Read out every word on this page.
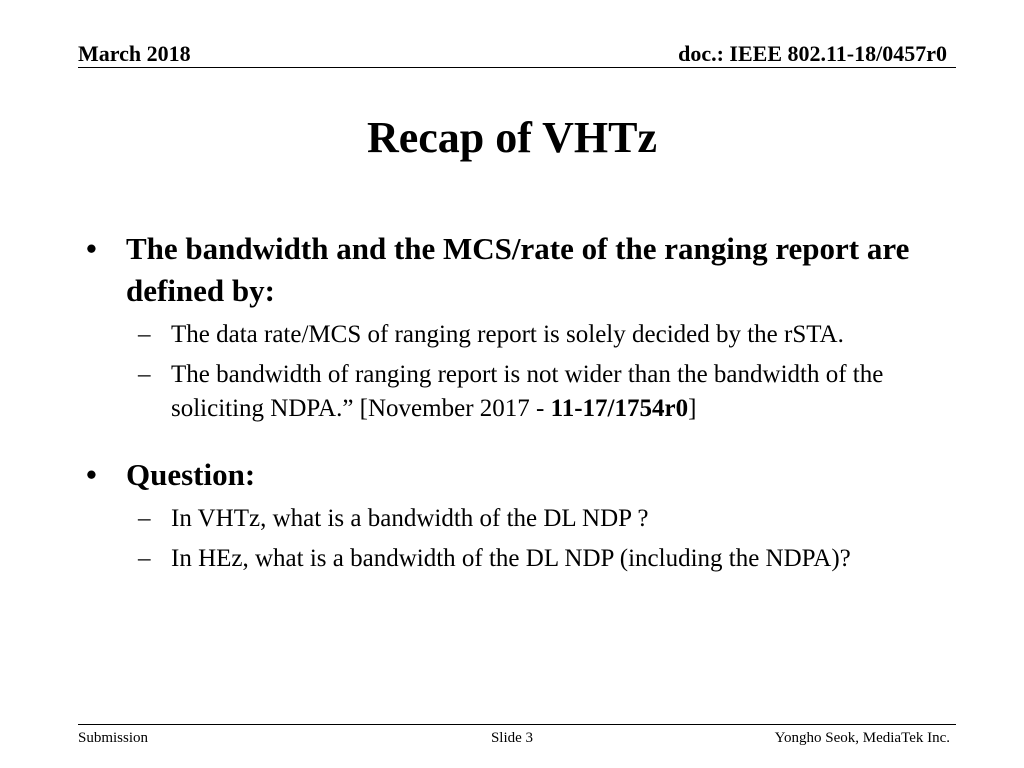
March 2018	doc.: IEEE 802.11-18/0457r0
Recap of VHTz
• The bandwidth and the MCS/rate of the ranging report are defined by:
– The data rate/MCS of ranging report is solely decided by the rSTA.
– The bandwidth of ranging report is not wider than the bandwidth of the soliciting NDPA.” [November 2017 - 11-17/1754r0]
• Question:
– In VHTz, what is a bandwidth of the DL NDP ?
– In HEz, what is a bandwidth of the DL NDP (including the NDPA)?
Submission	Slide 3	Yongho Seok, MediaTek Inc.
